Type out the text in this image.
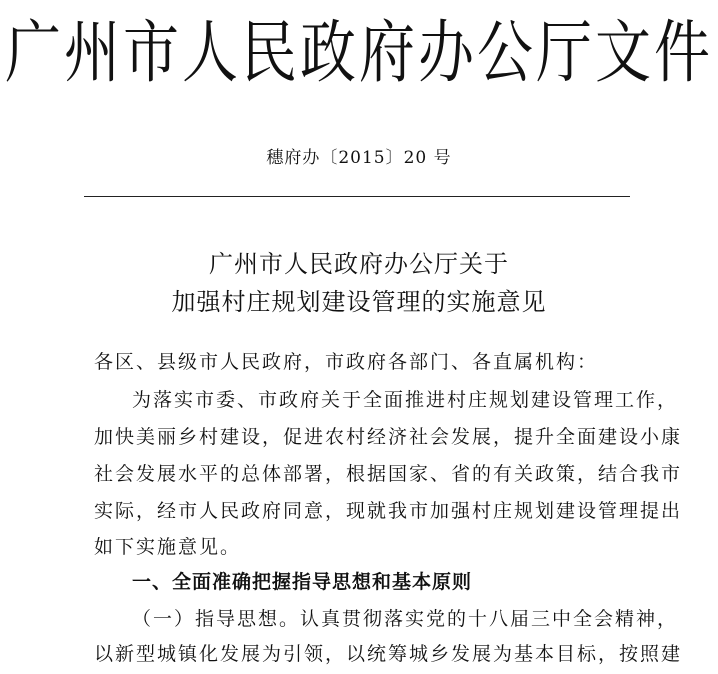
广州市人民政府办公厅文件
穗府办〔2015〕20 号
广州市人民政府办公厅关于
加强村庄规划建设管理的实施意见
各区、县级市人民政府，市政府各部门、各直属机构：
为落实市委、市政府关于全面推进村庄规划建设管理工作，
加快美丽乡村建设，促进农村经济社会发展，提升全面建设小康
社会发展水平的总体部署，根据国家、省的有关政策，结合我市
实际，经市人民政府同意，现就我市加强村庄规划建设管理提出
如下实施意见。
一、全面准确把握指导思想和基本原则
（一）指导思想。认真贯彻落实党的十八届三中全会精神，
以新型城镇化发展为引领，以统筹城乡发展为基本目标，按照建
